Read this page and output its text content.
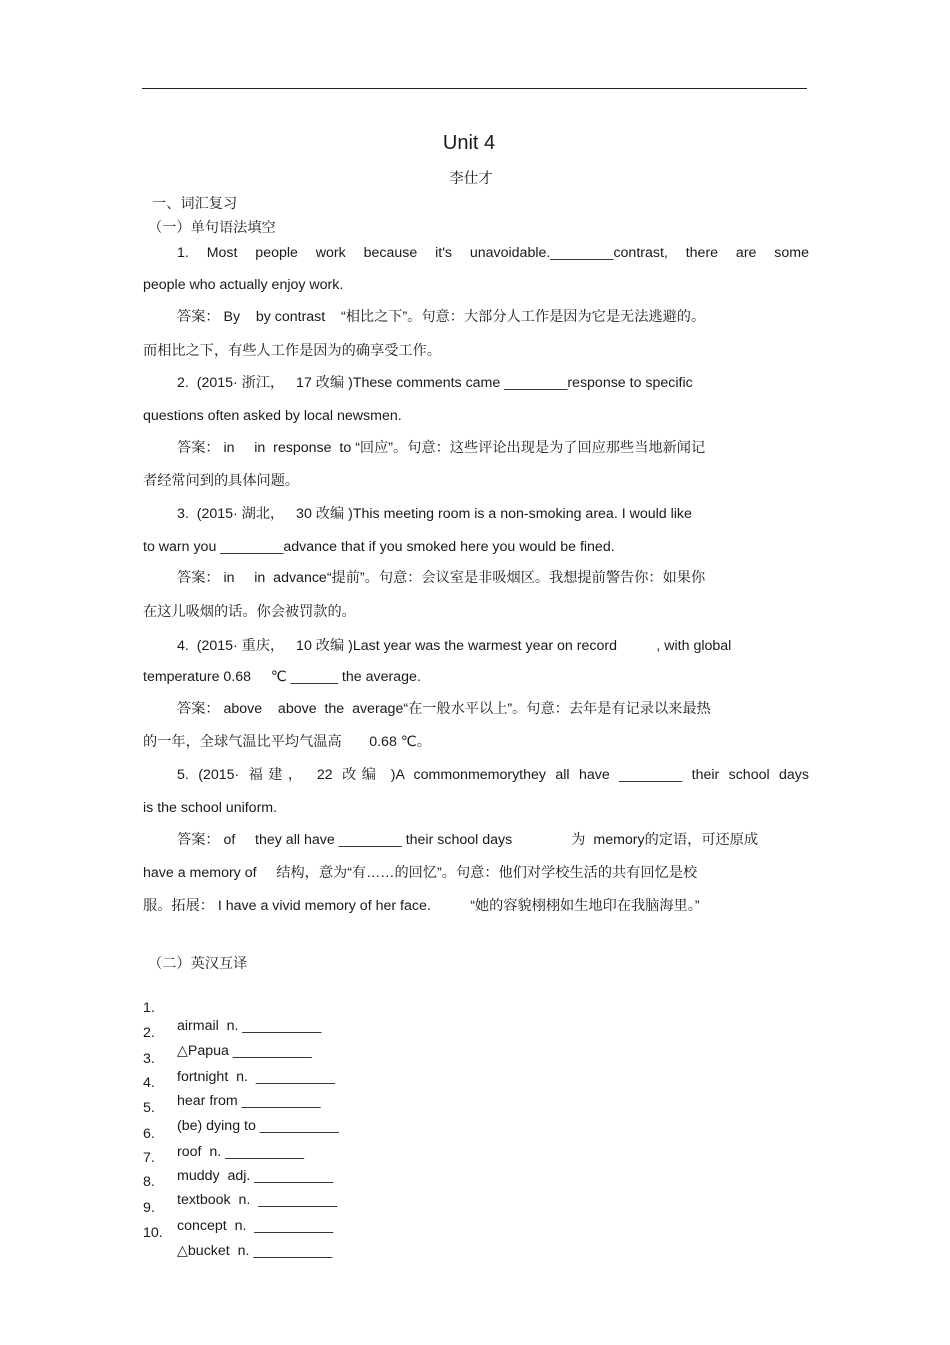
Unit 4
李仕才
一、词汇复习
（一）单句语法填空
1. Most people work because it's unavoidable.________contrast, there are some
people who actually enjoy work.
答案： By    by contrast    “相比之下”。句意：大部分人工作是因为它是无法逃避的。
而相比之下，有些人工作是因为的确享受工作。
2.  (2015· 浙江，   17 改编 )These comments came ________response to specific
questions often asked by local newsmen.
答案： in     in  response  to “回应”。句意：这些评论出现是为了回应那些当地新闻记
者经常问到的具体问题。
3.  (2015· 湖北，   30 改编 )This meeting room is a non-smoking area. I would like
to warn you ________advance that if you smoked here you would be fined.
答案： in     in  advance“提前”。句意：会议室是非吸烟区。我想提前警告你：如果你
在这儿吸烟的话。你会被罚款的。
4.  (2015· 重庆，   10 改编 )Last year was the warmest year on record          , with global
temperature 0.68     ℃ ______ the average.
答案： above    above  the  average“在一般水平以上”。句意：去年是有记录以来最热
的一年，全球气温比平均气温高       0.68 ℃。
5. (2015· 福建， 22 改编 )A commonmemorythey all have ________ their school days
is the school uniform.
答案： of     they all have ________ their school days               为  memory的定语，可还原成
have a memory of     结构，意为“有……的回忆”。句意：他们对学校生活的共有回忆是校
服。拓展： I have a vivid memory of her face.          “她的容貌栩栩如生地印在我脑海里。”
（二）英汉互译

1.

airmail  n. __________

2.

△Papua __________

3.

fortnight  n.  __________

4.

hear from __________

5.

(be) dying to __________

6.

roof  n. __________

7.

muddy  adj. __________

8.

textbook  n.  __________

9.

concept  n.  __________

10.

△bucket  n. __________
